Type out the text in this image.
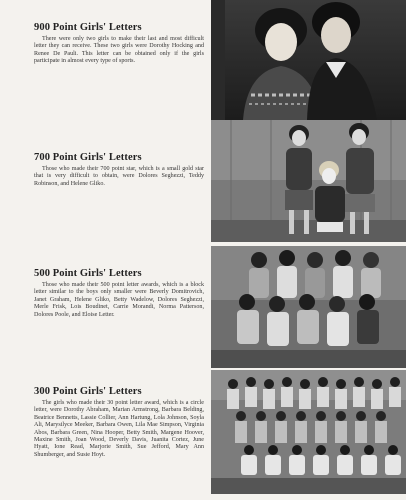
900 Point Girls' Letters

There were only two girls to make their last and most difficult letter they can receive. These two girls were Dorothy Hocking and Renee De Pauli. This letter can be obtained only if the girls participate in almost every type of sports.

700 Point Girls' Letters

Those who made their 700 point star, which is a small gold star that is very difficult to obtain, were Dolores Seghezzi, Teddy Robinson, and Helene Gliko.

500 Point Girls' Letters

Those who made their 500 point letter awards, which is a block letter similar to the boys only smaller were Beverly Domitrovich, Janet Graham, Helene Gliko, Betty Wadelow, Dolores Seghezzi, Merle Frisk, Lois Boudinet, Carrie Morandi, Norma Patterson, Dolores Poole, and Eloise Letter.

300 Point Girls' Letters

The girls who made their 30 point letter award, which is a circle letter, were Dorothy Abraham, Marian Armstrong, Barbara Belding, Beatrice Bennetts, Lassie Collier, Ann Hartung, Lola Johnson, Soyla Ali, Marysilyce Meeker, Barbara Owen, Lila Mae Simpson, Virginia Abos, Barbara Green, Nina Hooper, Betty Smith, Margene Hoover, Maxine Smith, Joan Wood, Deverly Davis, Juanita Cortez, June Hyatt, Ione Read, Marjorie Smith, Sue Jefford, Mary Ann Shumberger, and Susie Hoyt.
